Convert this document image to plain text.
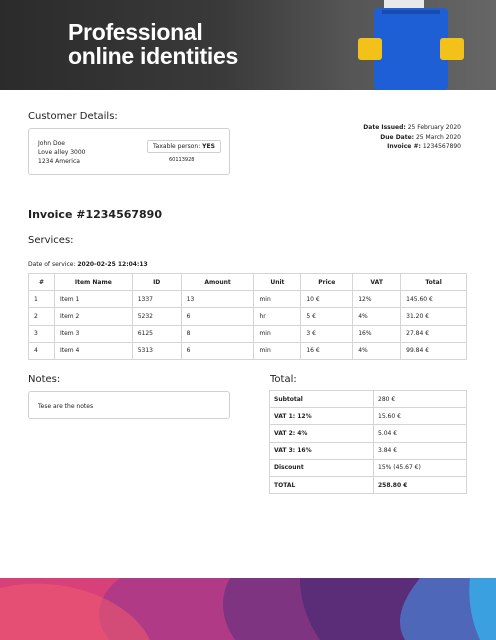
Professional
online identities
Customer Details:
John Doe
Love alley 3000
1234 America
Taxable person: YES
60113928
Date Issued: 25 February 2020
Due Date: 25 March 2020
Invoice #: 1234567890
Invoice #1234567890
Services:
Date of service: 2020-02-25 12:04:13
#	Item Name	ID	Amount	Unit	Price	VAT	Total
1	Item 1	1337	13	min	10 €	12%	145.60 €
2	Item 2	5232	6	hr	5 €	4%	31.20 €
3	Item 3	6125	8	min	3 €	16%	27.84 €
4	Item 4	5313	6	min	16 €	4%	99.84 €
Notes:
Tese are the notes
Total:
Subtotal	280 €
VAT 1: 12%	15.60 €
VAT 2: 4%	5.04 €
VAT 3: 16%	3.84 €
Discount	15% (45.67 €)
TOTAL	258.80 €
